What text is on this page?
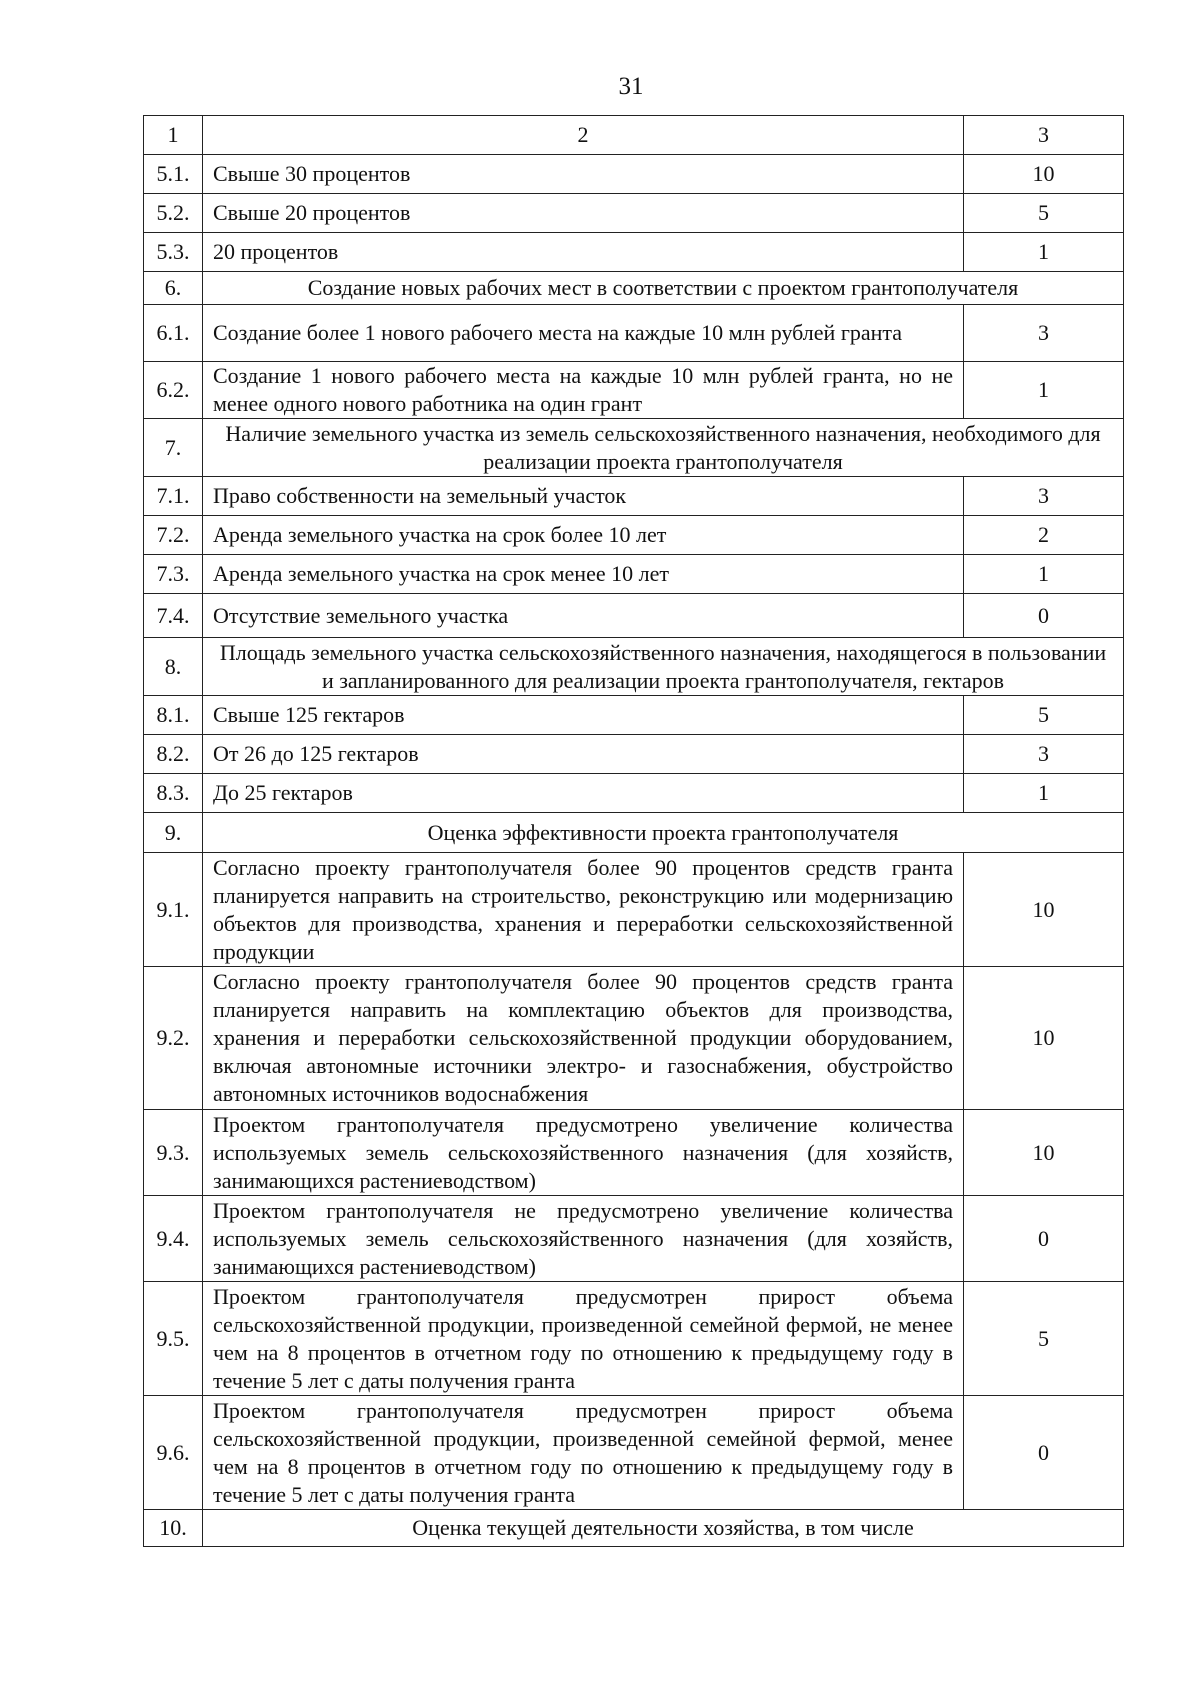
31
1	2	3
5.1.	Свыше 30 процентов	10
5.2.	Свыше 20 процентов	5
5.3.	20 процентов	1
6.	Создание новых рабочих мест в соответствии с проектом грантополучателя	
6.1.	Создание более 1 нового рабочего места на каждые 10 млн рублей гранта	3
6.2.	Создание 1 нового рабочего места на каждые 10 млн рублей гранта, но не менее одного нового работника на один грант	1
7.	Наличие земельного участка из земель сельскохозяйственного назначения, необходимого для реализации проекта грантополучателя	
7.1.	Право собственности на земельный участок	3
7.2.	Аренда земельного участка на срок более 10 лет	2
7.3.	Аренда земельного участка на срок менее 10 лет	1
7.4.	Отсутствие земельного участка	0
8.	Площадь земельного участка сельскохозяйственного назначения, находящегося в пользовании и запланированного для реализации проекта грантополучателя, гектаров	
8.1.	Свыше 125 гектаров	5
8.2.	От 26 до 125 гектаров	3
8.3.	До 25 гектаров	1
9.	Оценка эффективности проекта грантополучателя	
9.1.	Согласно проекту грантополучателя более 90 процентов средств гранта планируется направить на строительство, реконструкцию или модернизацию объектов для производства, хранения и переработки сельскохозяйственной продукции	10
9.2.	Согласно проекту грантополучателя более 90 процентов средств гранта планируется направить на комплектацию объектов для производства, хранения и переработки сельскохозяйственной продукции оборудованием, включая автономные источники электро- и газоснабжения, обустройство автономных источников водоснабжения	10
9.3.	Проектом грантополучателя предусмотрено увеличение количества используемых земель сельскохозяйственного назначения (для хозяйств, занимающихся растениеводством)	10
9.4.	Проектом грантополучателя не предусмотрено увеличение количества используемых земель сельскохозяйственного назначения (для хозяйств, занимающихся растениеводством)	0
9.5.	Проектом грантополучателя предусмотрен прирост объема сельскохозяйственной продукции, произведенной семейной фермой, не менее чем на 8 процентов в отчетном году по отношению к предыдущему году в течение 5 лет с даты получения гранта	5
9.6.	Проектом грантополучателя предусмотрен прирост объема сельскохозяйственной продукции, произведенной семейной фермой, менее чем на 8 процентов в отчетном году по отношению к предыдущему году в течение 5 лет с даты получения гранта	0
10.	Оценка текущей деятельности хозяйства, в том числе	
